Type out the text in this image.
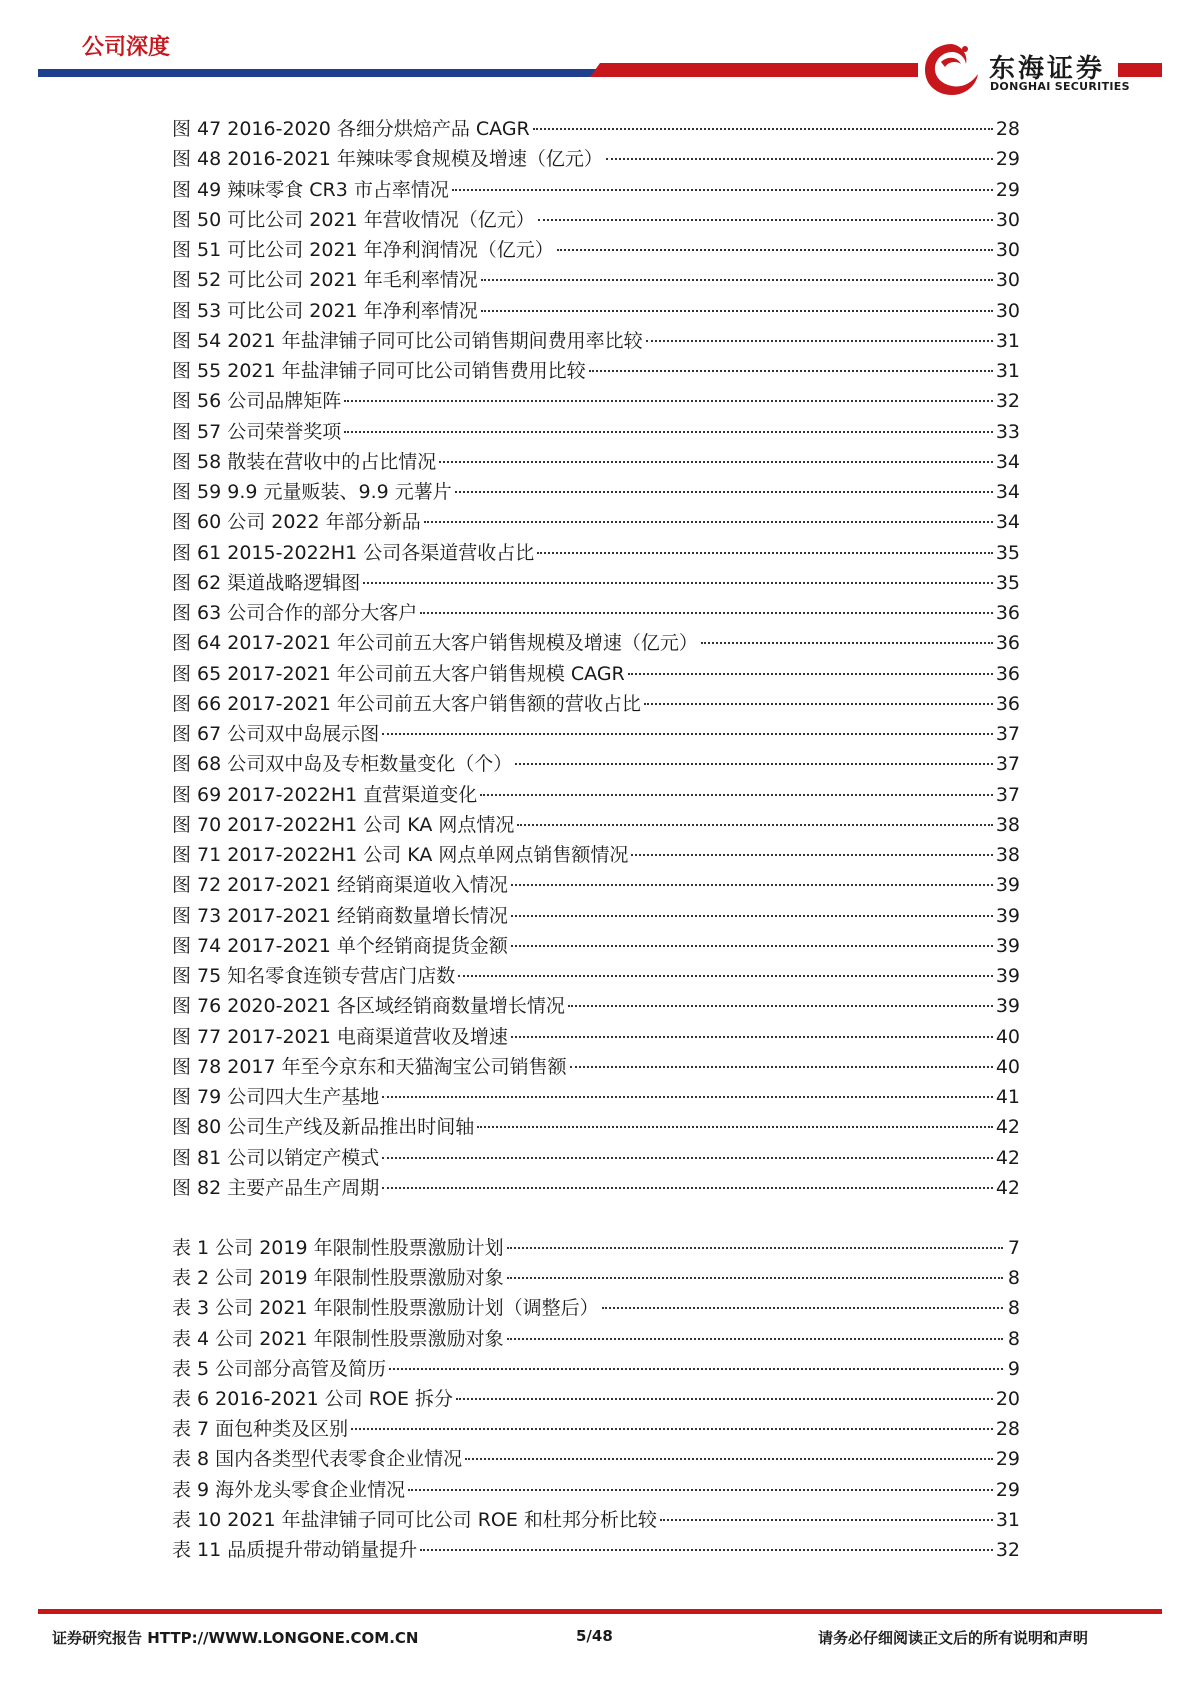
公司深度
东海证券
DONGHAI SECURITIES
图 47 2016-2020 各细分烘焙产品 CAGR	28
图 48 2016-2021 年辣味零食规模及增速（亿元）	29
图 49 辣味零食 CR3 市占率情况	29
图 50 可比公司 2021 年营收情况（亿元）	30
图 51 可比公司 2021 年净利润情况（亿元）	30
图 52 可比公司 2021 年毛利率情况	30
图 53 可比公司 2021 年净利率情况	30
图 54 2021 年盐津铺子同可比公司销售期间费用率比较	31
图 55 2021 年盐津铺子同可比公司销售费用比较	31
图 56 公司品牌矩阵	32
图 57 公司荣誉奖项	33
图 58 散装在营收中的占比情况	34
图 59 9.9 元量贩装、9.9 元薯片	34
图 60 公司 2022 年部分新品	34
图 61 2015-2022H1 公司各渠道营收占比	35
图 62 渠道战略逻辑图	35
图 63 公司合作的部分大客户	36
图 64 2017-2021 年公司前五大客户销售规模及增速（亿元）	36
图 65 2017-2021 年公司前五大客户销售规模 CAGR	36
图 66 2017-2021 年公司前五大客户销售额的营收占比	36
图 67 公司双中岛展示图	37
图 68 公司双中岛及专柜数量变化（个）	37
图 69 2017-2022H1 直营渠道变化	37
图 70 2017-2022H1 公司 KA 网点情况	38
图 71 2017-2022H1 公司 KA 网点单网点销售额情况	38
图 72 2017-2021 经销商渠道收入情况	39
图 73 2017-2021 经销商数量增长情况	39
图 74 2017-2021 单个经销商提货金额	39
图 75 知名零食连锁专营店门店数	39
图 76 2020-2021 各区域经销商数量增长情况	39
图 77 2017-2021 电商渠道营收及增速	40
图 78 2017 年至今京东和天猫淘宝公司销售额	40
图 79 公司四大生产基地	41
图 80 公司生产线及新品推出时间轴	42
图 81 公司以销定产模式	42
图 82 主要产品生产周期	42
表 1 公司 2019 年限制性股票激励计划	7
表 2 公司 2019 年限制性股票激励对象	8
表 3 公司 2021 年限制性股票激励计划（调整后）	8
表 4 公司 2021 年限制性股票激励对象	8
表 5 公司部分高管及简历	9
表 6 2016-2021 公司 ROE 拆分	20
表 7 面包种类及区别	28
表 8 国内各类型代表零食企业情况	29
表 9 海外龙头零食企业情况	29
表 10 2021 年盐津铺子同可比公司 ROE 和杜邦分析比较	31
表 11 品质提升带动销量提升	32
证券研究报告 HTTP://WWW.LONGONE.COM.CN	5/48	请务必仔细阅读正文后的所有说明和声明
